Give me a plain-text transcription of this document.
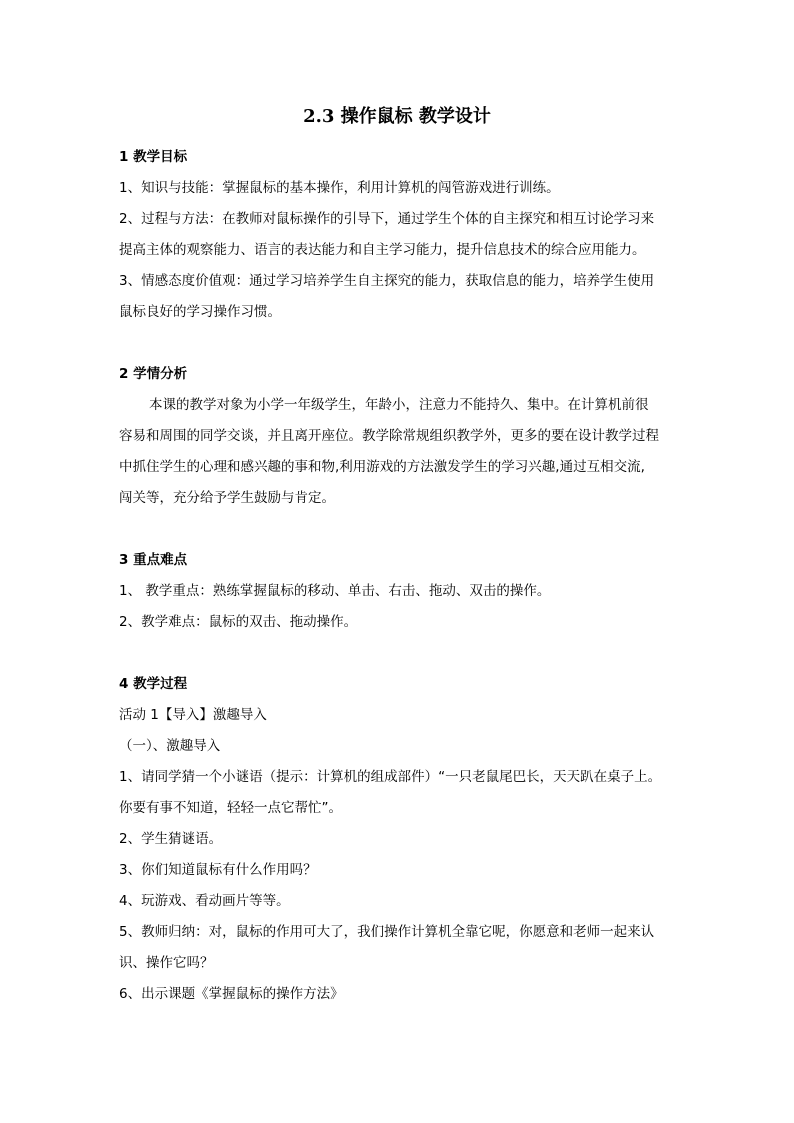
2.3 操作鼠标 教学设计
1 教学目标
1、知识与技能：掌握鼠标的基本操作，利用计算机的闯管游戏进行训练。
2、过程与方法：在教师对鼠标操作的引导下，通过学生个体的自主探究和相互讨论学习来
提高主体的观察能力、语言的表达能力和自主学习能力，提升信息技术的综合应用能力。
3、情感态度价值观：通过学习培养学生自主探究的能力，获取信息的能力，培养学生使用
鼠标良好的学习操作习惯。
2 学情分析
本课的教学对象为小学一年级学生，年龄小，注意力不能持久、集中。在计算机前很
容易和周围的同学交谈，并且离开座位。教学除常规组织教学外，更多的要在设计教学过程
中抓住学生的心理和感兴趣的事和物,利用游戏的方法激发学生的学习兴趣,通过互相交流,
闯关等，充分给予学生鼓励与肯定。
3 重点难点
1、 教学重点：熟练掌握鼠标的移动、单击、右击、拖动、双击的操作。
2、教学难点：鼠标的双击、拖动操作。
4 教学过程
活动 1【导入】激趣导入
（一）、激趣导入
1、请同学猜一个小谜语（提示：计算机的组成部件）“一只老鼠尾巴长，天天趴在桌子上。
你要有事不知道，轻轻一点它帮忙”。
2、学生猜谜语。
3、你们知道鼠标有什么作用吗？
4、玩游戏、看动画片等等。
5、教师归纳：对，鼠标的作用可大了，我们操作计算机全靠它呢，你愿意和老师一起来认
识、操作它吗？
6、出示课题《掌握鼠标的操作方法》
